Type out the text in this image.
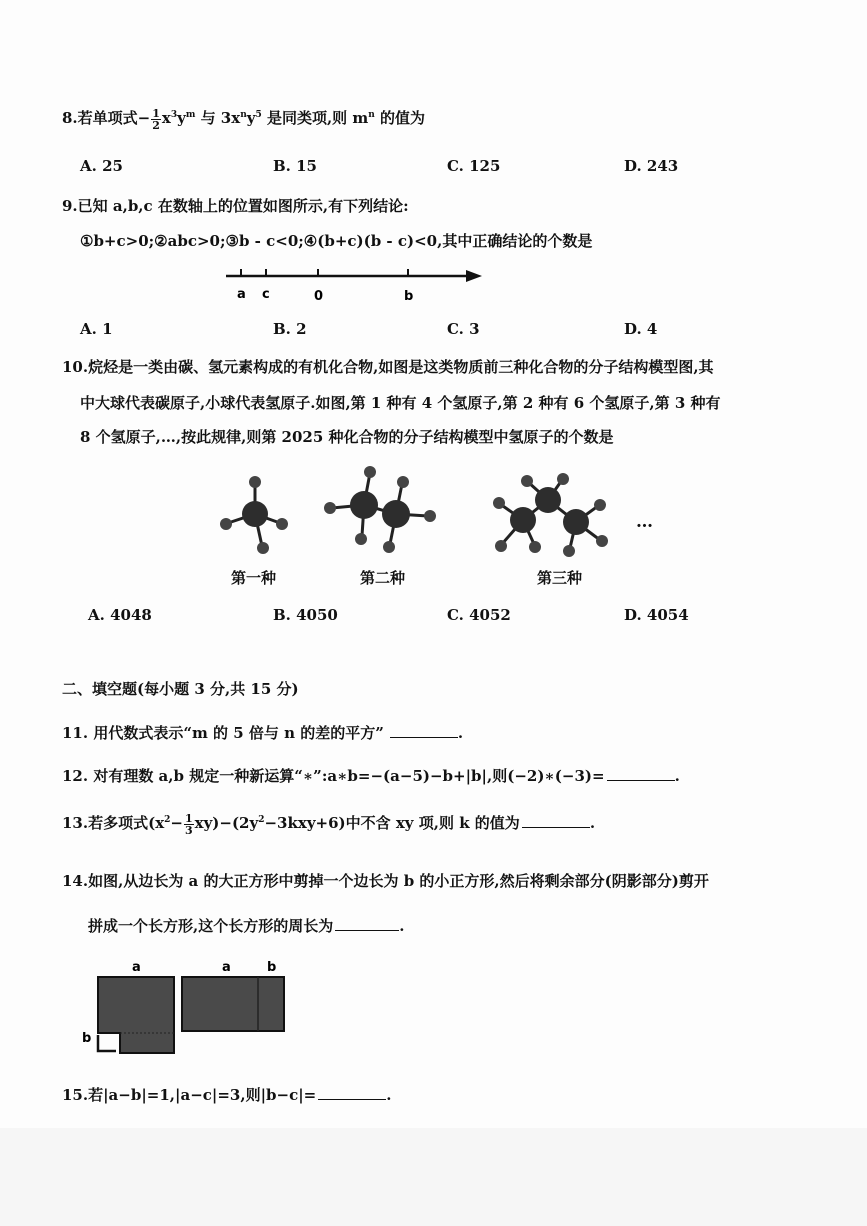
8.若单项式− $\frac{1}{2} x^3y^m$ 与 $3x^ny^5$ 是同类项,则 $m^n$ 的值为
A. 25	B. 15	C. 125	D. 243
9.已知 a,b,c 在数轴上的位置如图所示,有下列结论:
①b+c>0;②abc>0;③b - c<0;④(b+c)(b - c)<0,其中正确结论的个数是
a c	0	b
A. 1	B. 2	C. 3	D. 4
10.烷烃是一类由碳、氢元素构成的有机化合物,如图是这类物质前三种化合物的分子结构模型图,其
中大球代表碳原子,小球代表氢原子.如图,第 1 种有 4 个氢原子,第 2 种有 6 个氢原子,第 3 种有
8 个氢原子,…,按此规律,则第 2025 种化合物的分子结构模型中氢原子的个数是
…
第一种	第二种	第三种
A. 4048	B. 4050	C. 4052	D. 4054
二、填空题(每小题 3 分,共 15 分)
11. 用代数式表示“m 的 5 倍与 n 的差的平方”	.
12. 对有理数 a,b 规定一种新运算“∗”:a∗b=−(a−5)−b+|b|,则(−2)∗(−3)=	.
13.若多项式$(x^2- \frac{1}{3} xy)-(2y^2-3kxy+6)$中不含 xy 项,则 k 的值为	.
14.如图,从边长为 a 的大正方形中剪掉一个边长为 b 的小正方形,然后将剩余部分(阴影部分)剪开
拼成一个长方形,这个长方形的周长为	.
a
b
a	b
15.若|a−b|=1,|a−c|=3,则|b−c|=	.
